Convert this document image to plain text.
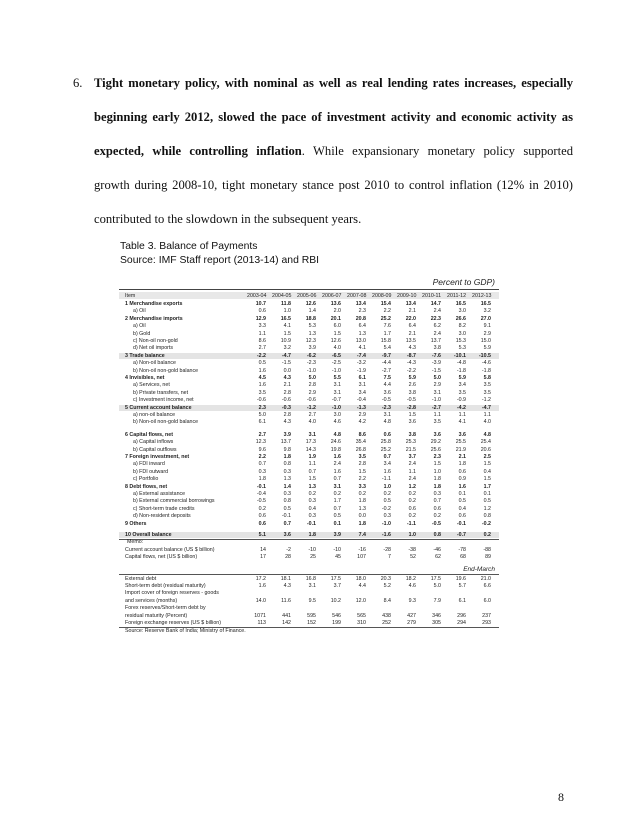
6. Tight monetary policy, with nominal as well as real lending rates increases, especially
beginning early 2012, slowed the pace of investment activity and economic activity as
expected, while controlling inflation. While expansionary monetary policy supported
growth during 2008-10, tight monetary stance post 2010 to control inflation (12% in 2010)
contributed to the slowdown in the subsequent years.
Table 3. Balance of Payments
Source: IMF Staff report (2013-14) and RBI
Percent to GDP)
Item	2003-04 2004-05 2005-06 2006-07 2007-08 2008-09 2009-10 2010-11 2011-12 2012-13
1 Merchandise exports	10.7	11.8	12.6	13.6	13.4	15.4	13.4	14.7	16.5	16.5
a) Oil	0.6	1.0	1.4	2.0	2.3	2.2	2.1	2.4	3.0	3.2
2 Merchandise imports	12.9	16.5	18.8	20.1	20.8	25.2	22.0	22.3	26.6	27.0
a) Oil	3.3	4.1	5.3	6.0	6.4	7.6	6.4	6.2	8.2	9.1
b) Gold	1.1	1.5	1.3	1.5	1.3	1.7	2.1	2.4	3.0	2.9
c) Non-oil non-gold	8.6	10.9	12.3	12.6	13.0	15.8	13.5	13.7	15.3	15.0
d) Net oil imports	2.7	3.2	3.9	4.0	4.1	5.4	4.3	3.8	5.3	5.9
3 Trade balance	-2.2	-4.7	-6.2	-6.5	-7.4	-9.7	-8.7	-7.6	-10.1	-10.5
a) Non-oil balance	0.5	-1.5	-2.3	-2.5	-3.2	-4.4	-4.3	-3.9	-4.8	-4.6
b) Non-oil non-gold balance	1.6	0.0	-1.0	-1.0	-1.9	-2.7	-2.2	-1.5	-1.8	-1.8
4 Invisibles, net	4.5	4.3	5.0	5.5	6.1	7.5	5.9	5.0	5.9	5.8
a) Services, net	1.6	2.1	2.8	3.1	3.1	4.4	2.6	2.9	3.4	3.5
b) Private transfers, net	3.5	2.8	2.9	3.1	3.4	3.6	3.8	3.1	3.5	3.5
c) Investment income, net	-0.6	-0.6	-0.6	-0.7	-0.4	-0.5	-0.5	-1.0	-0.9	-1.2
5 Current account balance	2.3	-0.3	-1.2	-1.0	-1.3	-2.3	-2.8	-2.7	-4.2	-4.7
a) non-oil balance	5.0	2.8	2.7	3.0	2.9	3.1	1.5	1.1	1.1	1.1
b) Non-oil non-gold balance	6.1	4.3	4.0	4.6	4.2	4.8	3.6	3.5	4.1	4.0
6 Capital flows, net	2.7	3.9	3.1	4.8	8.6	0.6	3.8	3.6	3.6	4.8
a) Capital inflows	12.3	13.7	17.3	24.6	35.4	25.8	25.3	29.2	25.5	25.4
b) Capital outflows	9.6	9.8	14.3	19.8	26.8	25.2	21.5	25.6	21.9	20.6
7 Foreign investment, net	2.2	1.8	1.9	1.6	3.5	0.7	3.7	2.3	2.1	2.5
a) FDI inward	0.7	0.8	1.1	2.4	2.8	3.4	2.4	1.5	1.8	1.5
b) FDI outward	0.3	0.3	0.7	1.6	1.5	1.6	1.1	1.0	0.6	0.4
c) Portfolio	1.8	1.3	1.5	0.7	2.2	-1.1	2.4	1.8	0.9	1.5
8 Debt flows, net	-0.1	1.4	1.3	3.1	3.3	1.0	1.2	1.8	1.6	1.7
a) External assistance	-0.4	0.3	0.2	0.2	0.2	0.2	0.2	0.3	0.1	0.1
b) External commercial borrowings	-0.5	0.8	0.3	1.7	1.8	0.5	0.2	0.7	0.5	0.5
c) Short-term trade credits	0.2	0.5	0.4	0.7	1.3	-0.2	0.6	0.6	0.4	1.2
d) Non-resident deposits	0.6	-0.1	0.3	0.5	0.0	0.3	0.2	0.2	0.6	0.8
9 Others	0.6	0.7	-0.1	0.1	1.8	-1.0	-1.1	-0.5	-0.1	-0.2
10 Overall balance	5.1	3.6	1.8	3.9	7.4	-1.6	1.0	0.8	-0.7	0.2
Memo:
Current account balance (US $ billion)	14	-2	-10	-10	-16	-28	-38	-46	-78	-88
Capital flows, net (US $ billion)	17	28	25	45	107	7	52	62	68	89
End-March
External debt	17.2	18.1	16.8	17.5	18.0	20.3	18.2	17.5	19.6	21.0
Short-term debt (residual maturity)	1.6	4.3	3.1	3.7	4.4	5.2	4.6	5.0	5.7	6.6
Import cover of foreign reserves - goods
and services (months)	14.0	11.6	9.5	10.2	12.0	8.4	9.3	7.9	6.1	6.0
Forex reserves/Short-term debt by
residual maturity (Percent)	1071	441	595	546	565	438	427	346	296	237
Foreign exchange reserves (US $ billion)	113	142	152	199	310	252	279	305	294	293
Source: Reserve Bank of India; Ministry of Finance.
8
